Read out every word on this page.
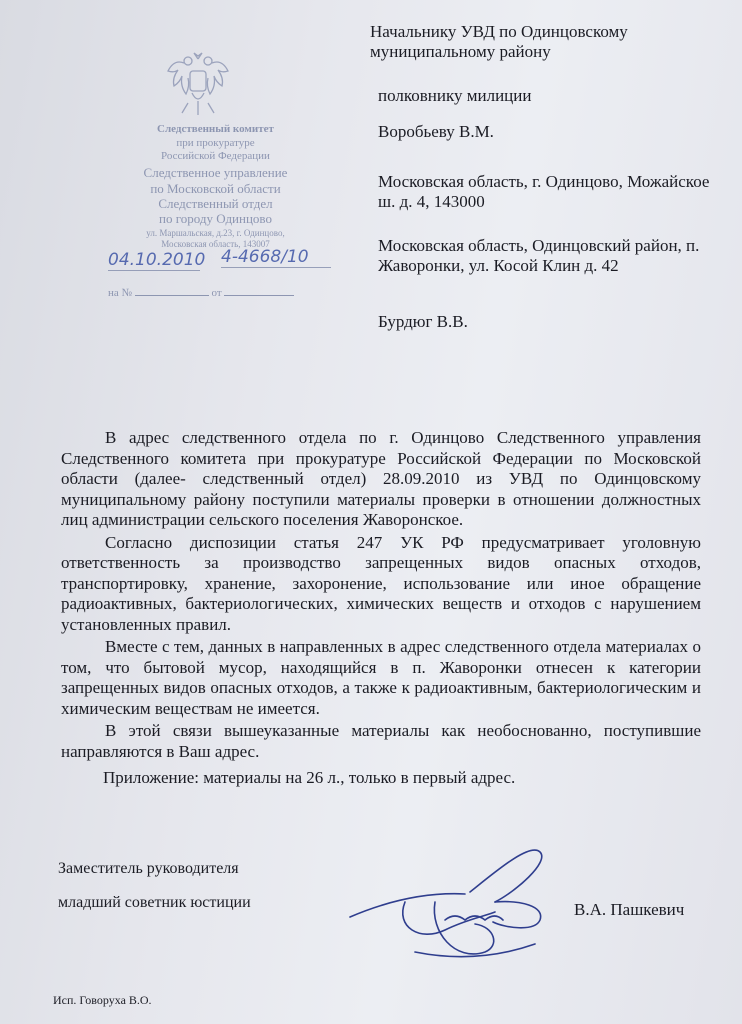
Следственный комитет
при прокуратуре
Российской Федерации
Следственное управление
по Московской области
Следственный отдел
по городу Одинцово
ул. Маршальская, д.23, г. Одинцово,
Московская область, 143007
04.10.2010 4-4668/10
на №	от

Начальнику УВД по Одинцовскому муниципальному району

полковнику милиции

Воробьеву В.М.

Московская область, г. Одинцово, Можайское ш. д. 4, 143000

Московская область, Одинцовский район, п. Жаворонки, ул. Косой Клин д. 42

Бурдюг В.В.

В адрес следственного отдела по г. Одинцово Следственного управления Следственного комитета при прокуратуре Российской Федерации по Московской области (далее- следственный отдел) 28.09.2010 из УВД по Одинцовскому муниципальному району поступили материалы проверки в отношении должностных лиц администрации сельского поселения Жаворонское.

Согласно диспозиции статья 247 УК РФ предусматривает уголовную ответственность за производство запрещенных видов опасных отходов, транспортировку, хранение, захоронение, использование или иное обращение радиоактивных, бактериологических, химических веществ и отходов с нарушением установленных правил.

Вместе с тем, данных в направленных в адрес следственного отдела материалах о том, что бытовой мусор, находящийся в п. Жаворонки отнесен к категории запрещенных видов опасных отходов, а также к радиоактивным, бактериологическим и химическим веществам не имеется.

В этой связи вышеуказанные материалы как необоснованно, поступившие направляются в Ваш адрес.

Приложение: материалы на 26 л., только в первый адрес.

Заместитель руководителя
младший советник юстиции	В.А. Пашкевич
Исп. Говоруха В.О.
